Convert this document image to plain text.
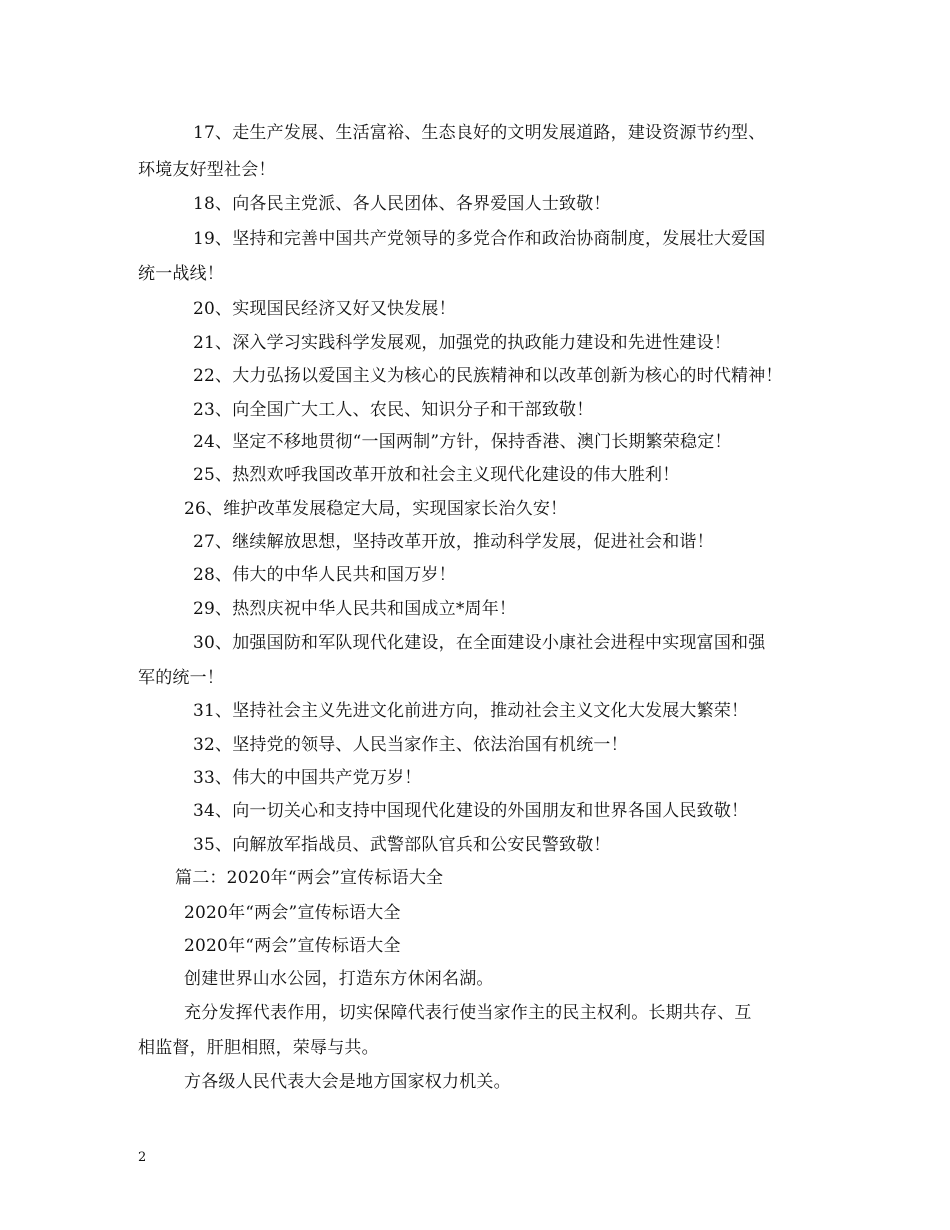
17、走生产发展、生活富裕、生态良好的文明发展道路，建设资源节约型、
环境友好型社会！
18、向各民主党派、各人民团体、各界爱国人士致敬！
19、坚持和完善中国共产党领导的多党合作和政治协商制度，发展壮大爱国
统一战线！
20、实现国民经济又好又快发展！
21、深入学习实践科学发展观，加强党的执政能力建设和先进性建设！
22、大力弘扬以爱国主义为核心的民族精神和以改革创新为核心的时代精神！
23、向全国广大工人、农民、知识分子和干部致敬！
24、坚定不移地贯彻“一国两制”方针，保持香港、澳门长期繁荣稳定！
25、热烈欢呼我国改革开放和社会主义现代化建设的伟大胜利！
26、维护改革发展稳定大局，实现国家长治久安！
27、继续解放思想，坚持改革开放，推动科学发展，促进社会和谐！
28、伟大的中华人民共和国万岁！
29、热烈庆祝中华人民共和国成立*周年！
30、加强国防和军队现代化建设，在全面建设小康社会进程中实现富国和强
军的统一！
31、坚持社会主义先进文化前进方向，推动社会主义文化大发展大繁荣！
32、坚持党的领导、人民当家作主、依法治国有机统一！
33、伟大的中国共产党万岁！
34、向一切关心和支持中国现代化建设的外国朋友和世界各国人民致敬！
35、向解放军指战员、武警部队官兵和公安民警致敬！
篇二：2020年“两会”宣传标语大全
2020年“两会”宣传标语大全
2020年“两会”宣传标语大全
创建世界山水公园，打造东方休闲名湖。
充分发挥代表作用，切实保障代表行使当家作主的民主权利。长期共存、互
相监督，肝胆相照，荣辱与共。
方各级人民代表大会是地方国家权力机关。
2
